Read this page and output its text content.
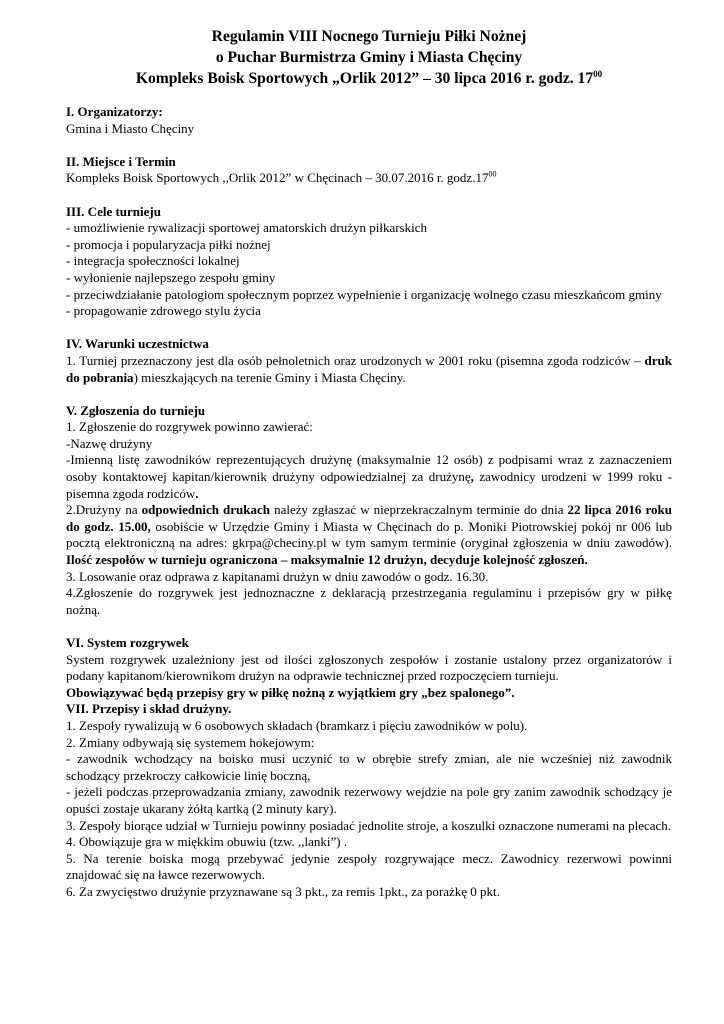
Regulamin VIII Nocnego Turnieju Piłki Nożnej
o Puchar Burmistrza Gminy i Miasta Chęciny
Kompleks Boisk Sportowych „Orlik 2012” – 30 lipca 2016 r. godz. $17^{00}$
I. Organizatorzy:
Gmina i Miasto Chęciny
II. Miejsce i Termin
Kompleks Boisk Sportowych ,,Orlik 2012” w Chęcinach – 30.07.2016 r. $godz.17^{00}$
III. Cele turnieju
- umożliwienie rywalizacji sportowej amatorskich drużyn piłkarskich
- promocja i popularyzacja piłki nożnej
- integracja społeczności lokalnej
- wyłonienie najlepszego zespołu gminy
- przeciwdziałanie patologiom społecznym poprzez wypełnienie i organizację wolnego czasu mieszkańcom gminy
- propagowanie zdrowego stylu życia
IV. Warunki uczestnictwa
1. Turniej przeznaczony jest dla osób pełnoletnich oraz urodzonych w 2001 roku (pisemna zgoda rodziców – druk do pobrania) mieszkających na terenie Gminy i Miasta Chęciny.
V. Zgłoszenia do turnieju
1. Zgłoszenie do rozgrywek powinno zawierać:
-Nazwę drużyny
-Imienną listę zawodników reprezentujących drużynę (maksymalnie 12 osób) z podpisami wraz z zaznaczeniem osoby kontaktowej kapitan/kierownik drużyny odpowiedzialnej za drużynę, zawodnicy urodzeni w 1999 roku - pisemna zgoda rodziców.
2.Drużyny na odpowiednich drukach należy zgłaszać w nieprzekraczalnym terminie do dnia 22 lipca 2016 roku do godz. 15.00, osobiście w Urzędzie Gminy i Miasta w Chęcinach do p. Moniki Piotrowskiej pokój nr 006 lub pocztą elektroniczną na adres: gkrpa@checiny.pl w tym samym terminie (oryginał zgłoszenia w dniu zawodów). Ilość zespołów w turnieju ograniczona – maksymalnie 12 drużyn, decyduje kolejność zgłoszeń.
3. Losowanie oraz odprawa z kapitanami drużyn w dniu zawodów o godz. 16.30.
4.Zgłoszenie do rozgrywek jest jednoznaczne z deklaracją przestrzegania regulaminu i przepisów gry w piłkę nożną.
VI. System rozgrywek
System rozgrywek uzależniony jest od ilości zgłoszonych zespołów i zostanie ustalony przez organizatorów i podany kapitanom/kierownikom drużyn na odprawie technicznej przed rozpoczęciem turnieju.
Obowiązywać będą przepisy gry w piłkę nożną z wyjątkiem gry „bez spalonego”.
VII. Przepisy i skład drużyny.
1. Zespoły rywalizują w 6 osobowych składach (bramkarz i pięciu zawodników w polu).
2. Zmiany odbywają się systemem hokejowym:
- zawodnik wchodzący na boisko musi uczynić to w obrębie strefy zmian, ale nie wcześniej niż zawodnik schodzący przekroczy całkowicie linię boczną,
- jeżeli podczas przeprowadzania zmiany, zawodnik rezerwowy wejdzie na pole gry zanim zawodnik schodzący je opuści zostaje ukarany żółtą kartką (2 minuty kary).
3. Zespoły biorące udział w Turnieju powinny posiadać jednolite stroje, a koszulki oznaczone numerami na plecach.
4. Obowiązuje gra w miękkim obuwiu (tzw. ,,lanki”) .
5. Na terenie boiska mogą przebywać jedynie zespoły rozgrywające mecz. Zawodnicy rezerwowi powinni znajdować się na ławce rezerwowych.
6. Za zwycięstwo drużynie przyznawane są 3 pkt., za remis 1pkt., za porażkę 0 pkt.
